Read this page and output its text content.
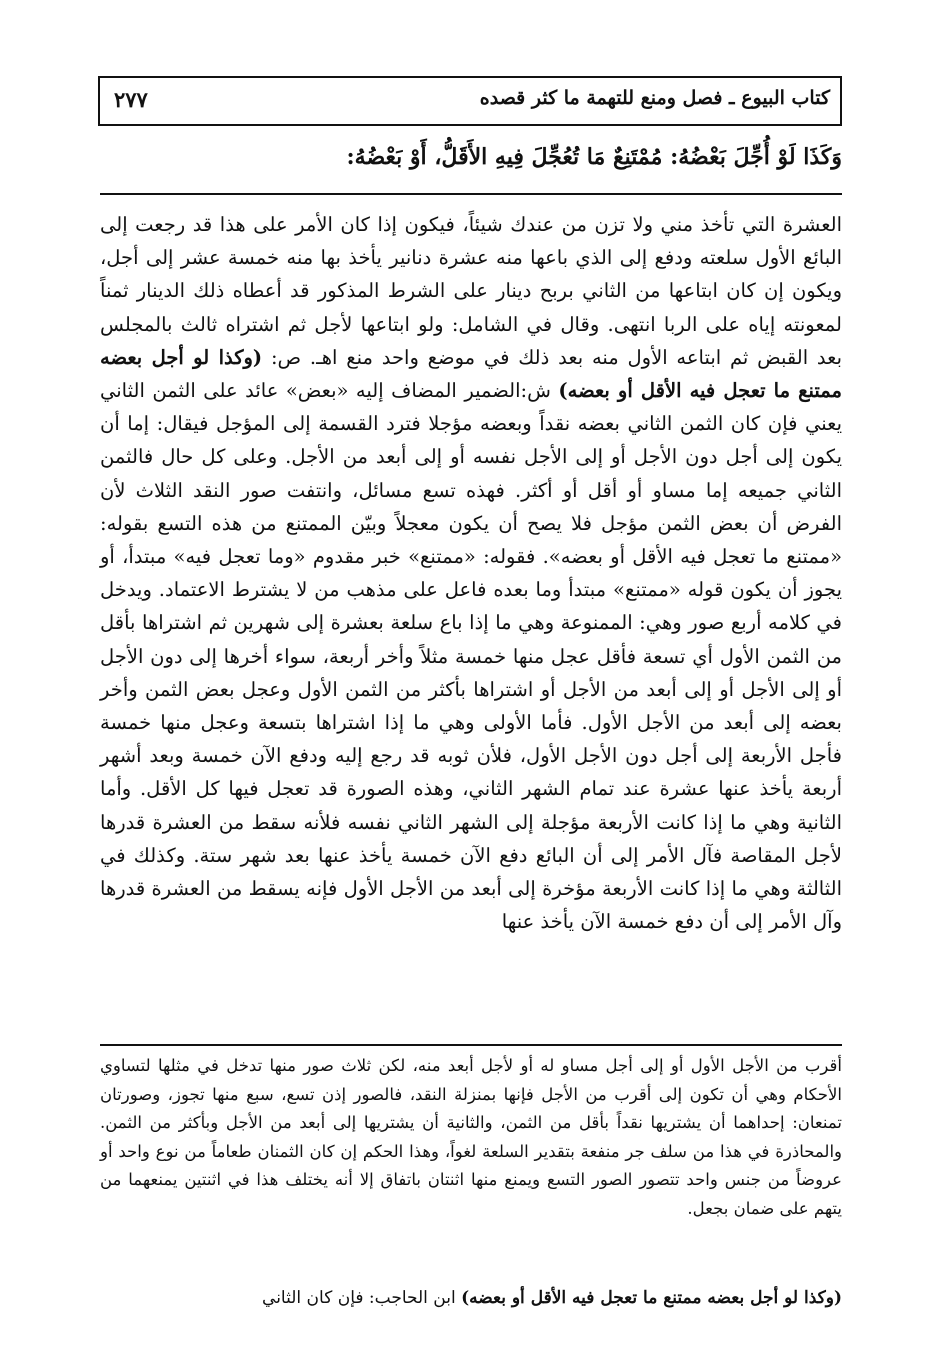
كتاب البيوع ـ فصل ومنع للتهمة ما كثر قصده
٢٧٧
وَكَذَا لَوْ أُجِّلَ بَعْضُهُ: مُمْتَنِعٌ مَا تُعُجِّلَ فِيهِ الأَقَلُّ، أَوْ بَعْضُهُ:

العشرة التي تأخذ مني ولا تزن من عندك شيئاً، فيكون إذا كان الأمر على هذا قد رجعت إلى البائع الأول سلعته ودفع إلى الذي باعها منه عشرة دنانير يأخذ بها منه خمسة عشر إلى أجل، ويكون إن كان ابتاعها من الثاني بربح دينار على الشرط المذكور قد أعطاه ذلك الدينار ثمناً لمعونته إياه على الربا انتهى. وقال في الشامل: ولو ابتاعها لأجل ثم اشتراه ثالث بالمجلس بعد القبض ثم ابتاعه الأول منه بعد ذلك في موضع واحد منع اهـ. ص: (وكذا لو أجل بعضه ممتنع ما تعجل فيه الأقل أو بعضه) ش:الضمير المضاف إليه «بعض» عائد على الثمن الثاني يعني فإن كان الثمن الثاني بعضه نقداً وبعضه مؤجلا فترد القسمة إلى المؤجل فيقال: إما أن يكون إلى أجل دون الأجل أو إلى الأجل نفسه أو إلى أبعد من الأجل. وعلى كل حال فالثمن الثاني جميعه إما مساو أو أقل أو أكثر. فهذه تسع مسائل، وانتفت صور النقد الثلاث لأن الفرض أن بعض الثمن مؤجل فلا يصح أن يكون معجلاً وبيّن الممتنع من هذه التسع بقوله: «ممتنع ما تعجل فيه الأقل أو بعضه». فقوله: «ممتنع» خبر مقدوم «وما تعجل فيه» مبتدأ، أو يجوز أن يكون قوله «ممتنع» مبتدأ وما بعده فاعل على مذهب من لا يشترط الاعتماد. ويدخل في كلامه أربع صور وهي: الممنوعة وهي ما إذا باع سلعة بعشرة إلى شهرين ثم اشتراها بأقل من الثمن الأول أي تسعة فأقل عجل منها خمسة مثلاً وأخر أربعة، سواء أخرها إلى دون الأجل أو إلى الأجل أو إلى أبعد من الأجل أو اشتراها بأكثر من الثمن الأول وعجل بعض الثمن وأخر بعضه إلى أبعد من الأجل الأول. فأما الأولى وهي ما إذا اشتراها بتسعة وعجل منها خمسة فأجل الأربعة إلى أجل دون الأجل الأول، فلأن ثوبه قد رجع إليه ودفع الآن خمسة وبعد أشهر أربعة يأخذ عنها عشرة عند تمام الشهر الثاني، وهذه الصورة قد تعجل فيها كل الأقل. وأما الثانية وهي ما إذا كانت الأربعة مؤجلة إلى الشهر الثاني نفسه فلأنه سقط من العشرة قدرها لأجل المقاصة فآل الأمر إلى أن البائع دفع الآن خمسة يأخذ عنها بعد شهر ستة. وكذلك في الثالثة وهي ما إذا كانت الأربعة مؤخرة إلى أبعد من الأجل الأول فإنه يسقط من العشرة قدرها وآل الأمر إلى أن دفع خمسة الآن يأخذ عنها

أقرب من الأجل الأول أو إلى أجل مساو له أو لأجل أبعد منه، لكن ثلاث صور منها تدخل في مثلها لتساوي الأحكام وهي أن تكون إلى أقرب من الأجل فإنها بمنزلة النقد، فالصور إذن تسع، سبع منها تجوز، وصورتان تمنعان: إحداهما أن يشتريها نقداً بأقل من الثمن، والثانية أن يشتريها إلى أبعد من الأجل وبأكثر من الثمن. والمحاذرة في هذا من سلف جر منفعة بتقدير السلعة لغواً، وهذا الحكم إن كان الثمنان طعاماً من نوع واحد أو عروضاً من جنس واحد تتصور الصور التسع ويمنع منها اثنتان باتفاق إلا أنه يختلف هذا في اثنتين يمنعهما من يتهم على ضمان بجعل.

(وكذا لو أجل بعضه ممتنع ما تعجل فيه الأقل أو بعضه) ابن الحاجب: فإن كان الثاني
